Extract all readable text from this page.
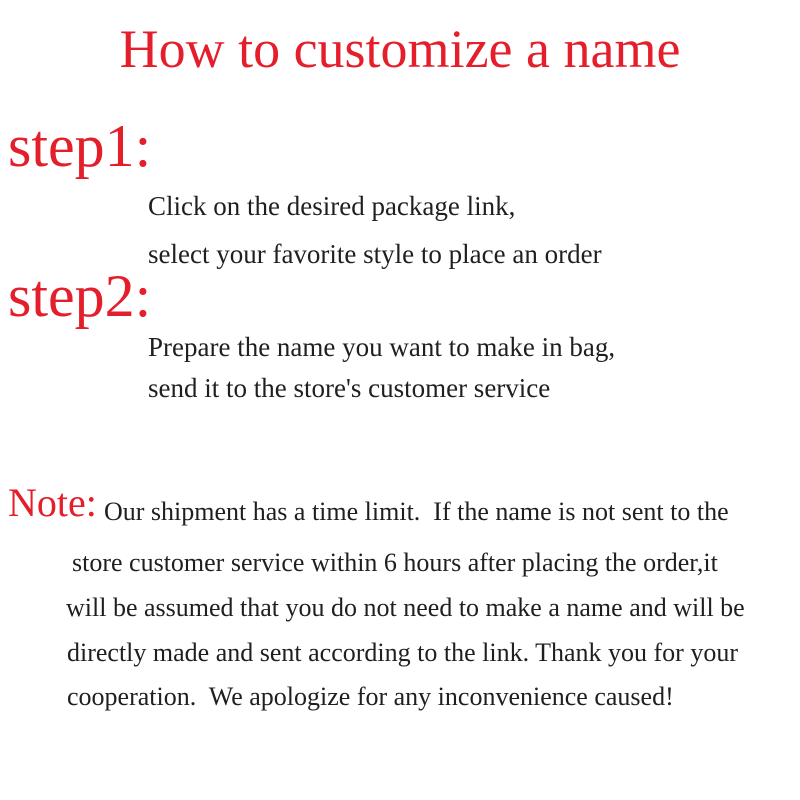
How to customize a name
step1:
Click on the desired package link,
select your favorite style to place an order
step2:
Prepare the name you want to make in bag,
send it to the store's customer service
Note: Our shipment has a time limit.  If the name is not sent to the
store customer service within 6 hours after placing the order,it
will be assumed that you do not need to make a name and will be
directly made and sent according to the link. Thank you for your
cooperation.  We apologize for any inconvenience caused!
